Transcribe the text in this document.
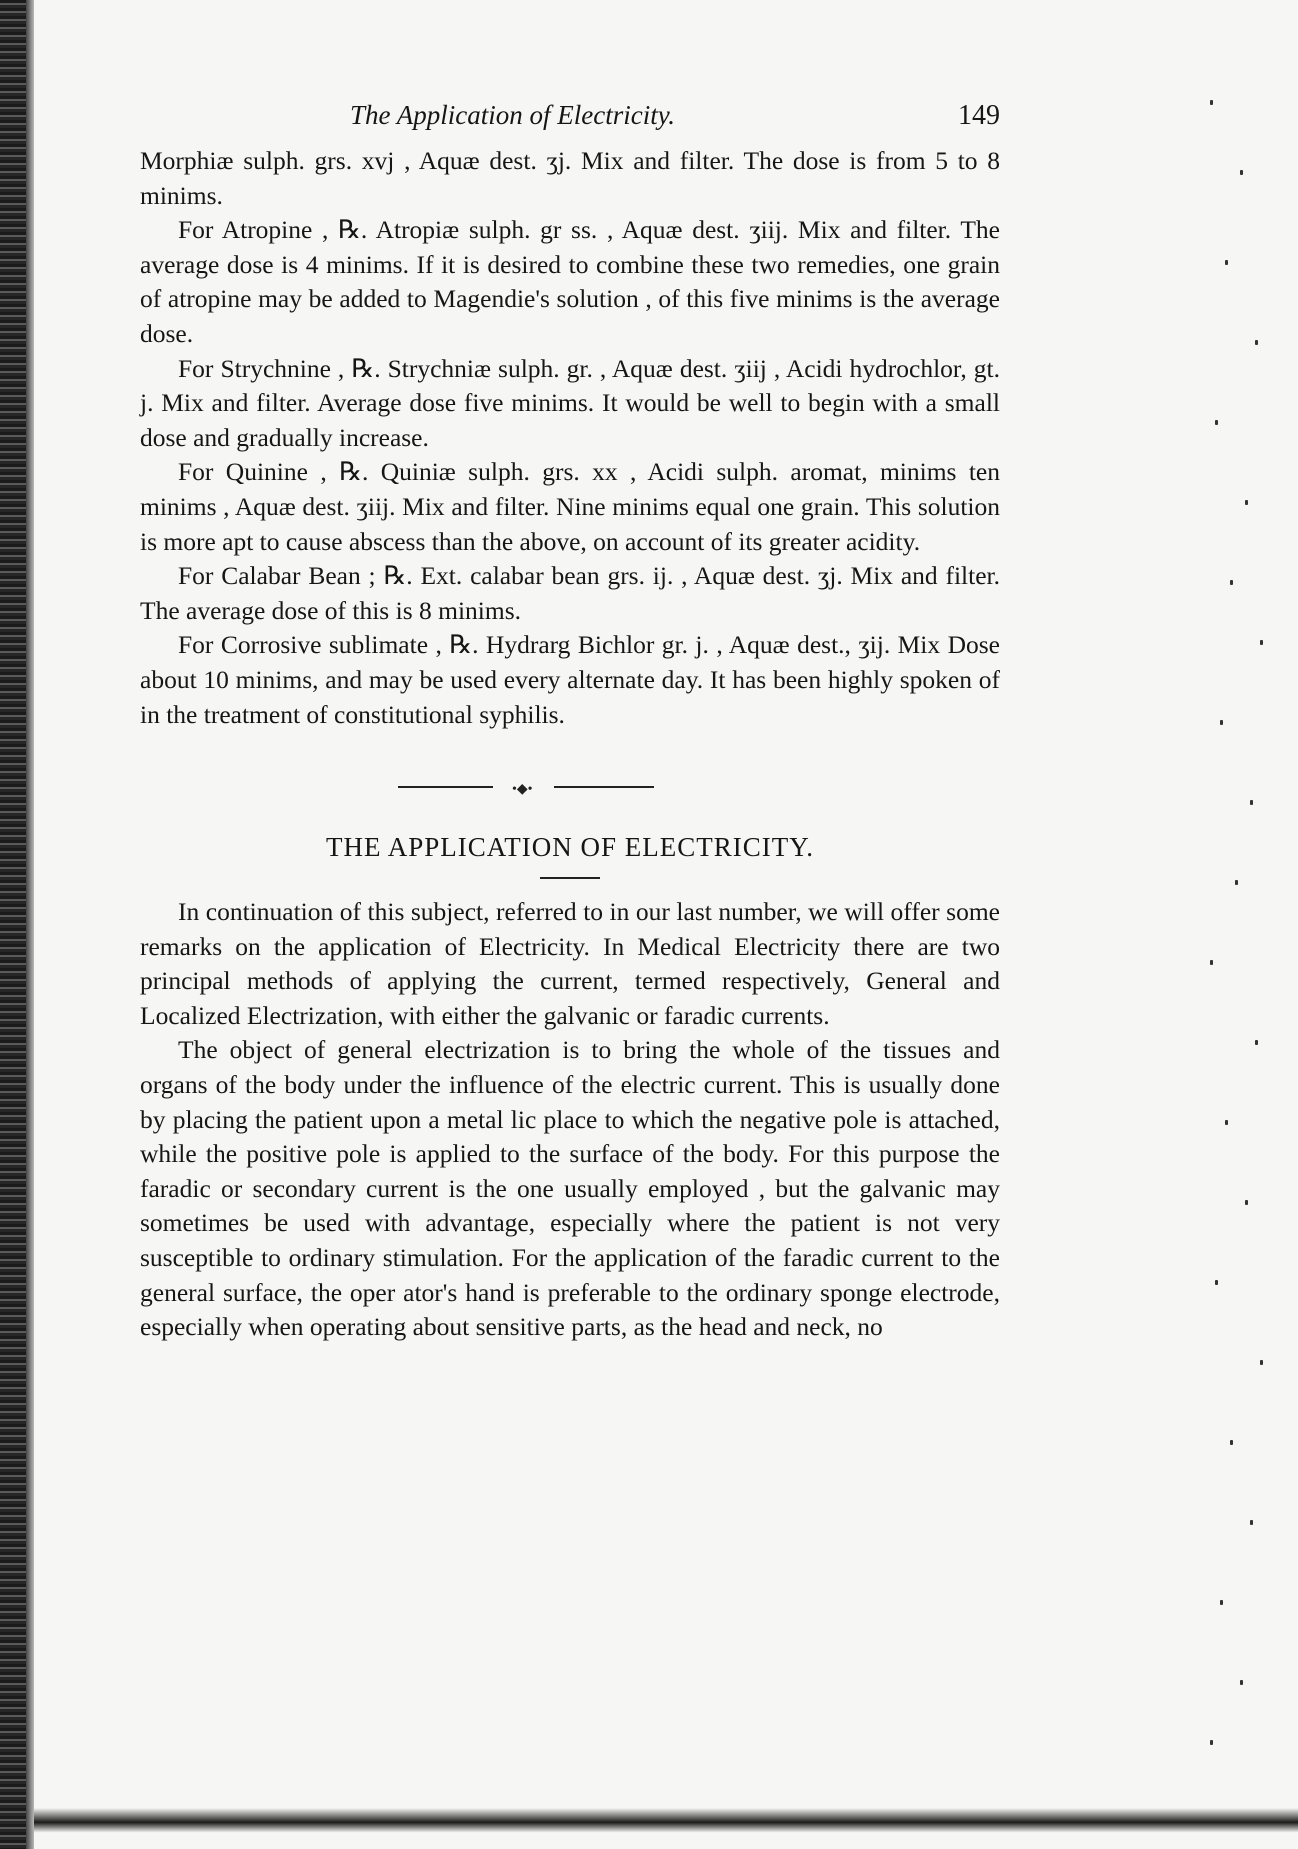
The Application of Electricity.	149

Morphiæ sulph. grs. xvj , Aquæ dest. ʒj. Mix and filter. The dose is from 5 to 8 minims.

For Atropine , ℞. Atropiæ sulph. gr ss. , Aquæ dest. ʒiij. Mix and filter. The average dose is 4 minims. If it is desired to combine these two remedies, one grain of atropine may be added to Magendie's solution , of this five minims is the average dose.

For Strychnine , ℞. Strychniæ sulph. gr. , Aquæ dest. ʒiij , Acidi hydrochlor, gt. j. Mix and filter. Average dose five minims. It would be well to begin with a small dose and gradually increase.

For Quinine , ℞. Quiniæ sulph. grs. xx , Acidi sulph. aromat, minims ten minims , Aquæ dest. ʒiij. Mix and filter. Nine minims equal one grain. This solution is more apt to cause abscess than the above, on account of its greater acidity.

For Calabar Bean ; ℞. Ext. calabar bean grs. ij. , Aquæ dest. ʒj. Mix and filter. The average dose of this is 8 minims.

For Corrosive sublimate , ℞. Hydrarg Bichlor gr. j. , Aquæ dest., ʒij. Mix Dose about 10 minims, and may be used every alternate day. It has been highly spoken of in the treatment of constitutional syphilis.

•◆•
THE APPLICATION OF ELECTRICITY.

In continuation of this subject, referred to in our last number, we will offer some remarks on the application of Electricity. In Medical Electricity there are two principal methods of applying the current, termed respectively, General and Localized Electrization, with either the galvanic or faradic currents.

The object of general electrization is to bring the whole of the tissues and organs of the body under the influence of the electric current. This is usually done by placing the patient upon a metal lic place to which the negative pole is attached, while the positive pole is applied to the surface of the body. For this purpose the faradic or secondary current is the one usually employed , but the galvanic may sometimes be used with advantage, especially where the patient is not very susceptible to ordinary stimulation. For the application of the faradic current to the general surface, the oper ator's hand is preferable to the ordinary sponge electrode, especially when operating about sensitive parts, as the head and neck, no
